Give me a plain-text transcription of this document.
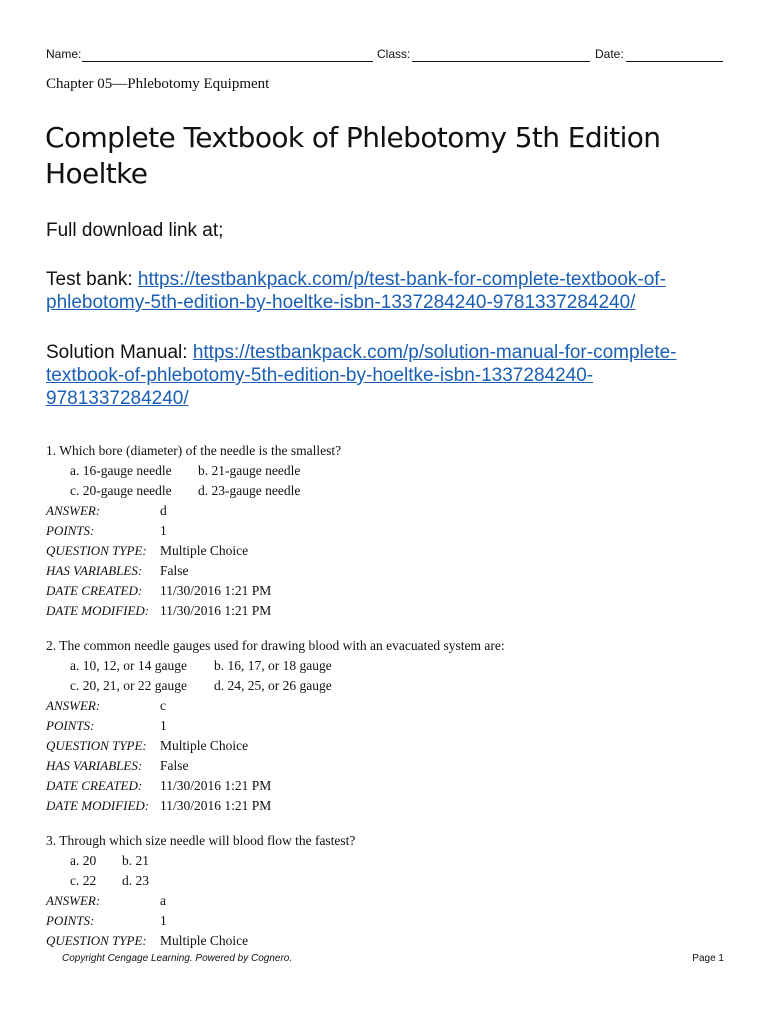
Name:	Class:	Date:
Chapter 05—Phlebotomy Equipment
Complete Textbook of Phlebotomy 5th Edition
Hoeltke
Full download link at;
Test bank: https://testbankpack.com/p/test-bank-for-complete-textbook-of-
phlebotomy-5th-edition-by-hoeltke-isbn-1337284240-9781337284240/
Solution Manual: https://testbankpack.com/p/solution-manual-for-complete-
textbook-of-phlebotomy-5th-edition-by-hoeltke-isbn-1337284240-
9781337284240/
1. Which bore (diameter) of the needle is the smallest?
a. 16-gauge needle b. 21-gauge needle
c. 20-gauge needle d. 23-gauge needle
ANSWER:	d
POINTS:	1
QUESTION TYPE: Multiple Choice
HAS VARIABLES: False
DATE CREATED: 11/30/2016 1:21 PM
DATE MODIFIED: 11/30/2016 1:21 PM
2. The common needle gauges used for drawing blood with an evacuated system are:
a. 10, 12, or 14 gauge b. 16, 17, or 18 gauge
c. 20, 21, or 22 gauge d. 24, 25, or 26 gauge
ANSWER:	c
POINTS:	1
QUESTION TYPE: Multiple Choice
HAS VARIABLES: False
DATE CREATED: 11/30/2016 1:21 PM
DATE MODIFIED: 11/30/2016 1:21 PM
3. Through which size needle will blood flow the fastest?
a. 20 b. 21
c. 22 d. 23
ANSWER:	a
POINTS:	1
QUESTION TYPE: Multiple Choice
Copyright Cengage Learning. Powered by Cognero.	Page 1
